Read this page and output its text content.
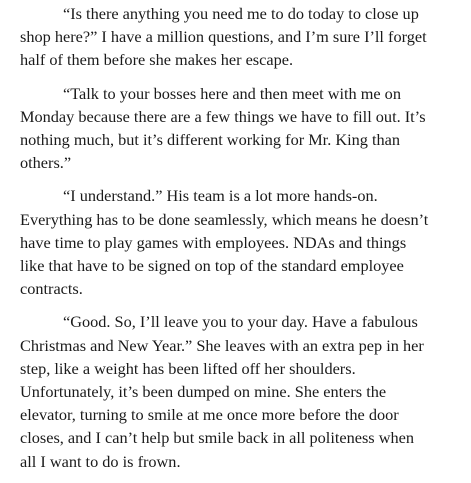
“Is there anything you need me to do today to close up
shop here?” I have a million questions, and I’m sure I’ll forget
half of them before she makes her escape.
“Talk to your bosses here and then meet with me on
Monday because there are a few things we have to fill out. It’s
nothing much, but it’s different working for Mr. King than
others.”
“I understand.” His team is a lot more hands-on.
Everything has to be done seamlessly, which means he doesn’t
have time to play games with employees. NDAs and things
like that have to be signed on top of the standard employee
contracts.
“Good. So, I’ll leave you to your day. Have a fabulous
Christmas and New Year.” She leaves with an extra pep in her
step, like a weight has been lifted off her shoulders.
Unfortunately, it’s been dumped on mine. She enters the
elevator, turning to smile at me once more before the door
closes, and I can’t help but smile back in all politeness when
all I want to do is frown.
